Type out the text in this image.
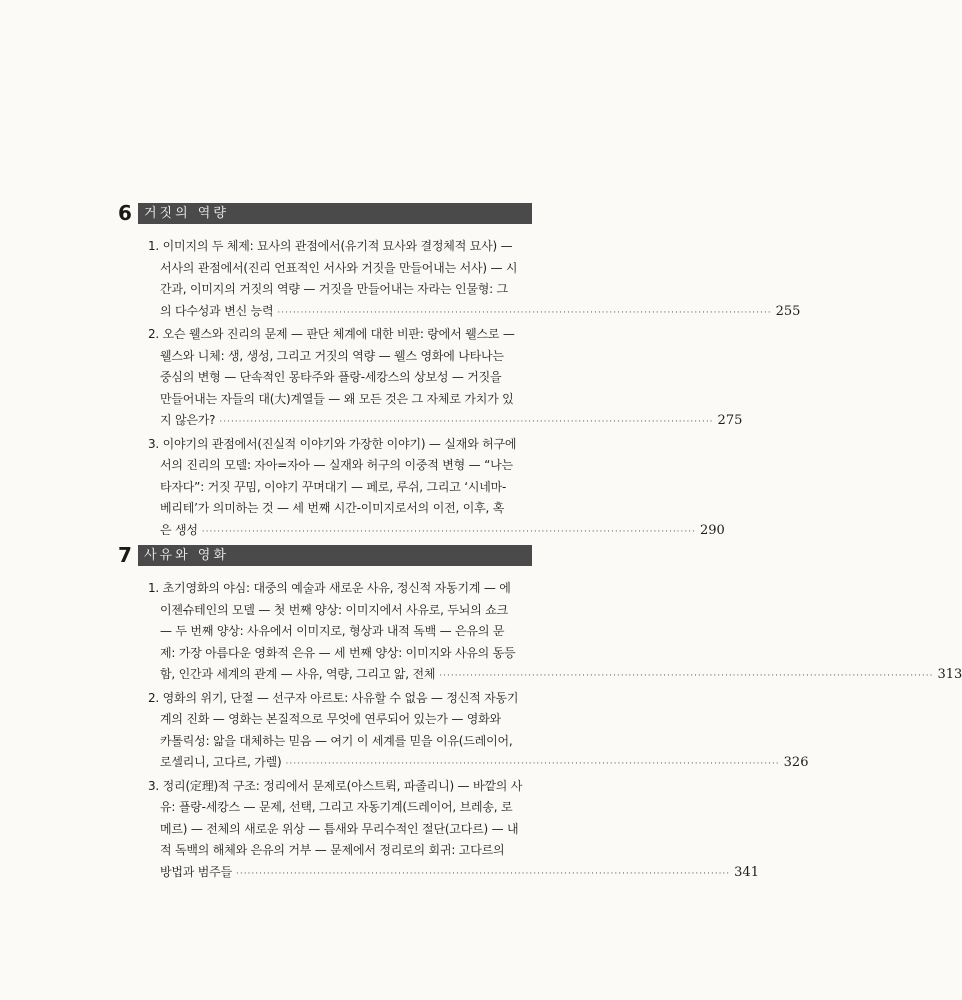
6 거짓의 역량
1. 이미지의 두 체제: 묘사의 관점에서(유기적 묘사와 결정체적 묘사) —
서사의 관점에서(진리 언표적인 서사와 거짓을 만들어내는 서사) — 시
간과, 이미지의 거짓의 역량 — 거짓을 만들어내는 자라는 인물형: 그
의 다수성과 변신 능력 ·····	255
2. 오슨 웰스와 진리의 문제 — 판단 체계에 대한 비판: 랑에서 웰스로 —
웰스와 니체: 생, 생성, 그리고 거짓의 역량 — 웰스 영화에 나타나는
중심의 변형 — 단속적인 몽타주와 플랑-세캉스의 상보성 — 거짓을
만들어내는 자들의 대(大)계열들 — 왜 모든 것은 그 자체로 가치가 있
지 않은가? ·····	275
3. 이야기의 관점에서(진실적 이야기와 가장한 이야기) — 실재와 허구에
서의 진리의 모델: 자아=자아 — 실재와 허구의 이중적 변형 — “나는
타자다”: 거짓 꾸밈, 이야기 꾸며대기 — 페로, 루쉬, 그리고 ‘시네마-
베리테’가 의미하는 것 — 세 번째 시간-이미지로서의 이전, 이후, 혹
은 생성 ·····	290
7 사유와 영화
1. 초기영화의 야심: 대중의 예술과 새로운 사유, 정신적 자동기계 — 에
이젠슈테인의 모델 — 첫 번째 양상: 이미지에서 사유로, 두뇌의 쇼크
— 두 번째 양상: 사유에서 이미지로, 형상과 내적 독백 — 은유의 문
제: 가장 아름다운 영화적 은유 — 세 번째 양상: 이미지와 사유의 동등
함, 인간과 세계의 관계 — 사유, 역량, 그리고 앎, 전체 ·····	313
2. 영화의 위기, 단절 — 선구자 아르토: 사유할 수 없음 — 정신적 자동기
계의 진화 — 영화는 본질적으로 무엇에 연루되어 있는가 — 영화와
카톨릭성: 앎을 대체하는 믿음 — 여기 이 세계를 믿을 이유(드레이어,
로셀리니, 고다르, 가렐) ·····	326
3. 정리(定理)적 구조: 정리에서 문제로(아스트뤽, 파졸리니) — 바깥의 사
유: 플랑-세캉스 — 문제, 선택, 그리고 자동기계(드레이어, 브레송, 로
메르) — 전체의 새로운 위상 — 틈새와 무리수적인 절단(고다르) — 내
적 독백의 해체와 은유의 거부 — 문제에서 정리로의 회귀: 고다르의
방법과 범주들 ·····	341
